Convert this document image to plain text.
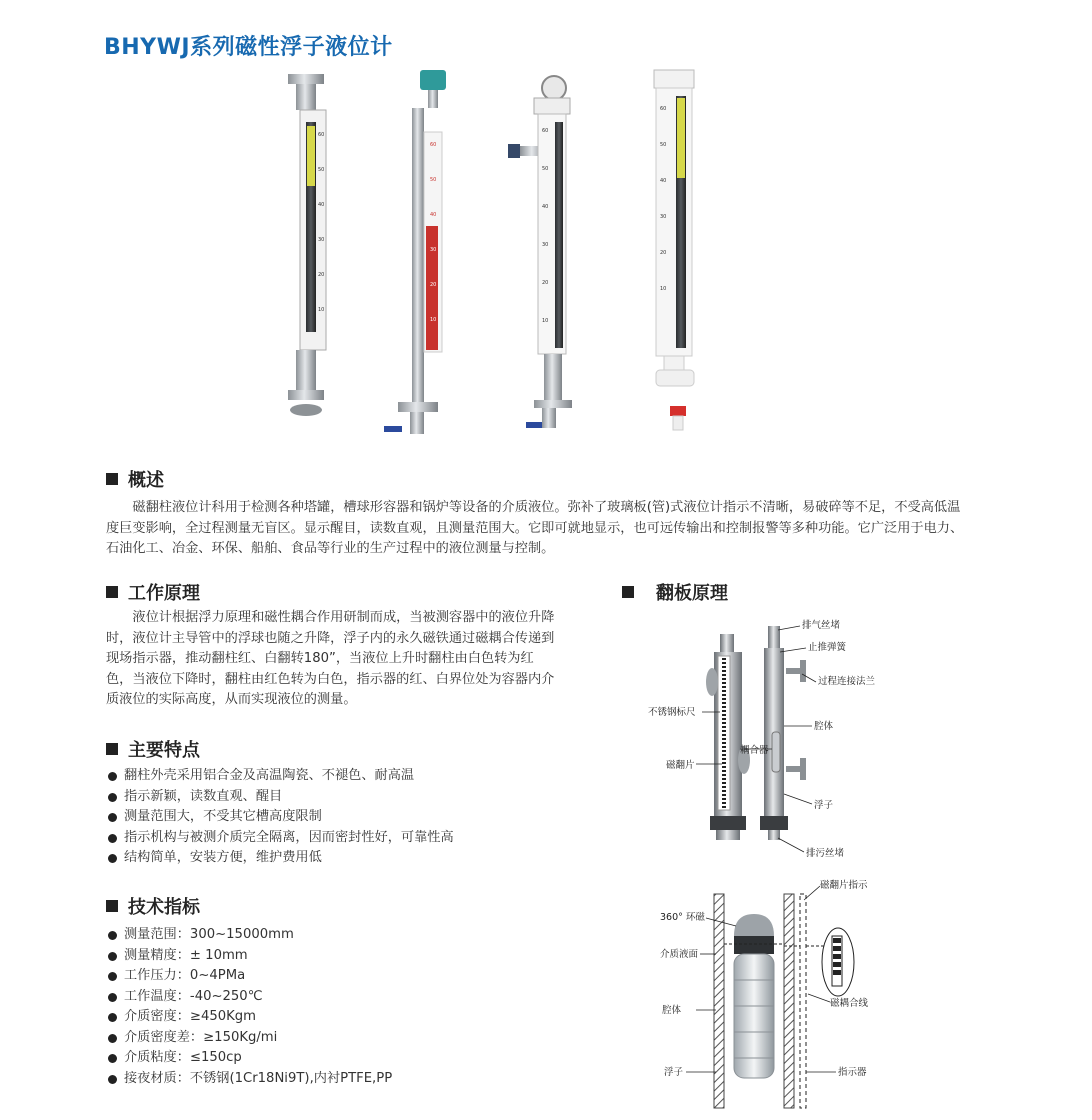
BHYWJ系列磁性浮子液位计
60
50
40
30
20
10
60
50
40
30
20
10
60
50
40
30
20
10
60
50
40
30
20
10
概述
磁翻柱液位计科用于检测各种塔罐，槽球形容器和锅炉等设备的介质液位。弥补了玻璃板(管)式液位计指示不清晰，易破碎等不足，不受高低温度巨变影响，全过程测量无盲区。显示醒目，读数直观，且测量范围大。它即可就地显示，也可远传输出和控制报警等多种功能。它广泛用于电力、石油化工、冶金、环保、船舶、食品等行业的生产过程中的液位测量与控制。
工作原理
液位计根据浮力原理和磁性耦合作用研制而成，当被测容器中的液位升降时，液位计主导管中的浮球也随之升降，浮子内的永久磁铁通过磁耦合传递到现场指示器，推动翻柱红、白翻转180”，当液位上升时翻柱由白色转为红色，当液位下降时，翻柱由红色转为白色，指示器的红、白界位处为容器内介质液位的实际高度，从而实现液位的测量。
主要特点
翻柱外壳采用铝合金及高温陶瓷、不褪色、耐高温
指示新颖，读数直观、醒目
测量范围大，不受其它槽高度限制
指示机构与被测介质完全隔离，因而密封性好，可靠性高
结构简单，安装方便，维护费用低
技术指标
测量范围：300~15000mm
测量精度：± 10mm
工作压力：0~4PMa
工作温度：-40~250℃
介质密度：≥450Kgm
介质密度差：≥150Kg/mi
介质粘度：≤150cp
接夜材质：不锈钢(1Cr18Ni9T),内衬PTFE,PP
翻板原理
排气丝堵
止推弹簧
过程连接法兰
不锈钢标尺
腔体
耦合器
磁翻片
浮子
排污丝堵
磁翻片指示
360° 环磁
介质液面
腔体
磁耦合线
浮子	指示器
